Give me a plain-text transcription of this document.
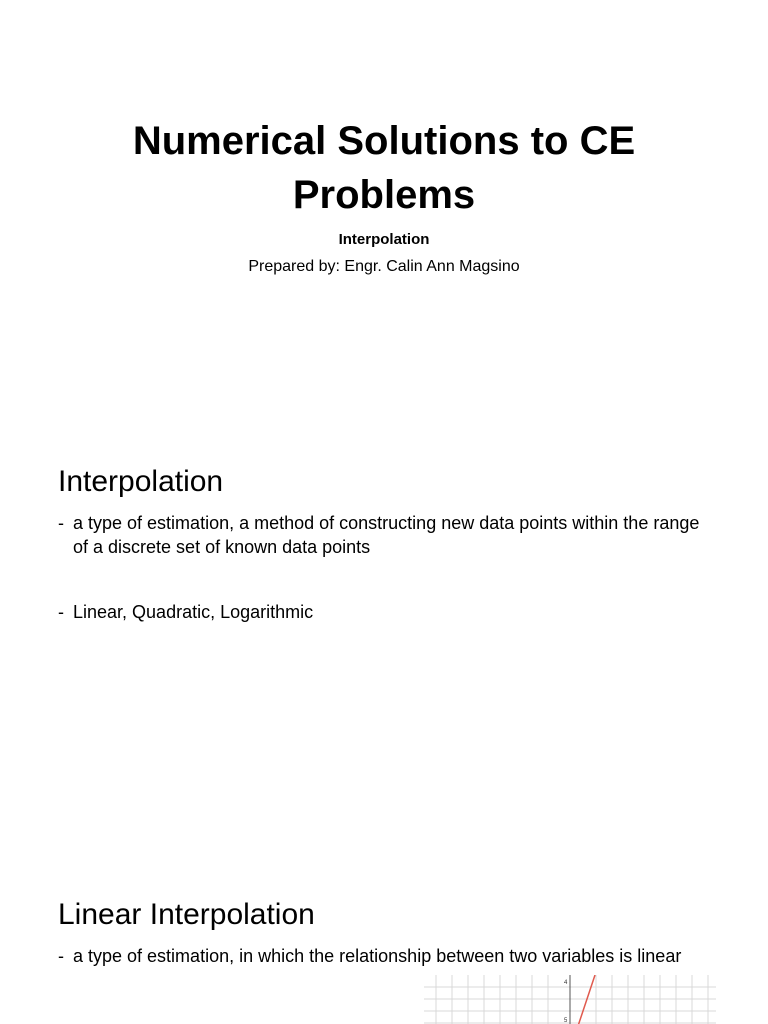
Numerical Solutions to CE Problems
Interpolation
Prepared by: Engr. Calin Ann Magsino
Interpolation
- a type of estimation, a method of constructing new data points within the range of a discrete set of known data points
- Linear, Quadratic, Logarithmic
Linear Interpolation
- a type of estimation, in which the relationship between two variables is linear
4
5
